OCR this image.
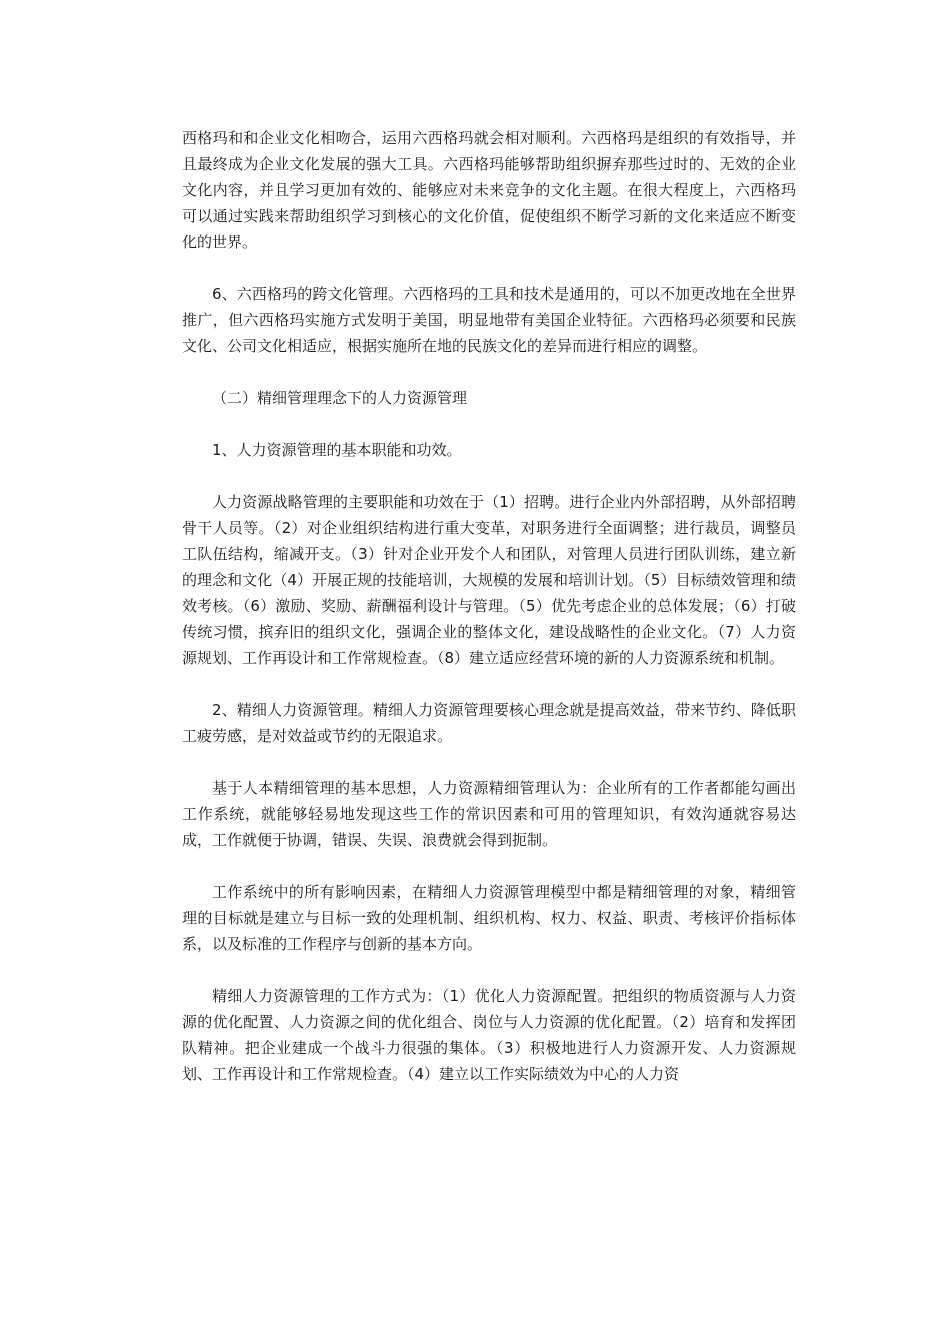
西格玛和和企业文化相吻合，运用六西格玛就会相对顺利。六西格玛是组织的有效指导，并且最终成为企业文化发展的强大工具。六西格玛能够帮助组织摒弃那些过时的、无效的企业文化内容，并且学习更加有效的、能够应对未来竞争的文化主题。在很大程度上，六西格玛可以通过实践来帮助组织学习到核心的文化价值，促使组织不断学习新的文化来适应不断变化的世界。

6、六西格玛的跨文化管理。六西格玛的工具和技术是通用的，可以不加更改地在全世界推广，但六西格玛实施方式发明于美国，明显地带有美国企业特征。六西格玛必须要和民族文化、公司文化相适应，根据实施所在地的民族文化的差异而进行相应的调整。

（二）精细管理理念下的人力资源管理

1、人力资源管理的基本职能和功效。

人力资源战略管理的主要职能和功效在于（1）招聘。进行企业内外部招聘，从外部招聘骨干人员等。（2）对企业组织结构进行重大变革，对职务进行全面调整；进行裁员，调整员工队伍结构，缩减开支。（3）针对企业开发个人和团队，对管理人员进行团队训练，建立新的理念和文化（4）开展正规的技能培训，大规模的发展和培训计划。（5）目标绩效管理和绩效考核。（6）激励、奖励、薪酬福利设计与管理。（5）优先考虑企业的总体发展；（6）打破传统习惯，摈弃旧的组织文化，强调企业的整体文化，建设战略性的企业文化。（7）人力资源规划、工作再设计和工作常规检查。（8）建立适应经营环境的新的人力资源系统和机制。

2、精细人力资源管理。精细人力资源管理要核心理念就是提高效益，带来节约、降低职工疲劳感，是对效益或节约的无限追求。

基于人本精细管理的基本思想，人力资源精细管理认为：企业所有的工作者都能勾画出工作系统，就能够轻易地发现这些工作的常识因素和可用的管理知识，有效沟通就容易达成，工作就便于协调，错误、失误、浪费就会得到扼制。

工作系统中的所有影响因素，在精细人力资源管理模型中都是精细管理的对象，精细管理的目标就是建立与目标一致的处理机制、组织机构、权力、权益、职责、考核评价指标体系，以及标准的工作程序与创新的基本方向。

精细人力资源管理的工作方式为：（1）优化人力资源配置。把组织的物质资源与人力资源的优化配置、人力资源之间的优化组合、岗位与人力资源的优化配置。（2）培育和发挥团队精神。把企业建成一个战斗力很强的集体。（3）积极地进行人力资源开发、人力资源规划、工作再设计和工作常规检查。（4）建立以工作实际绩效为中心的人力资
